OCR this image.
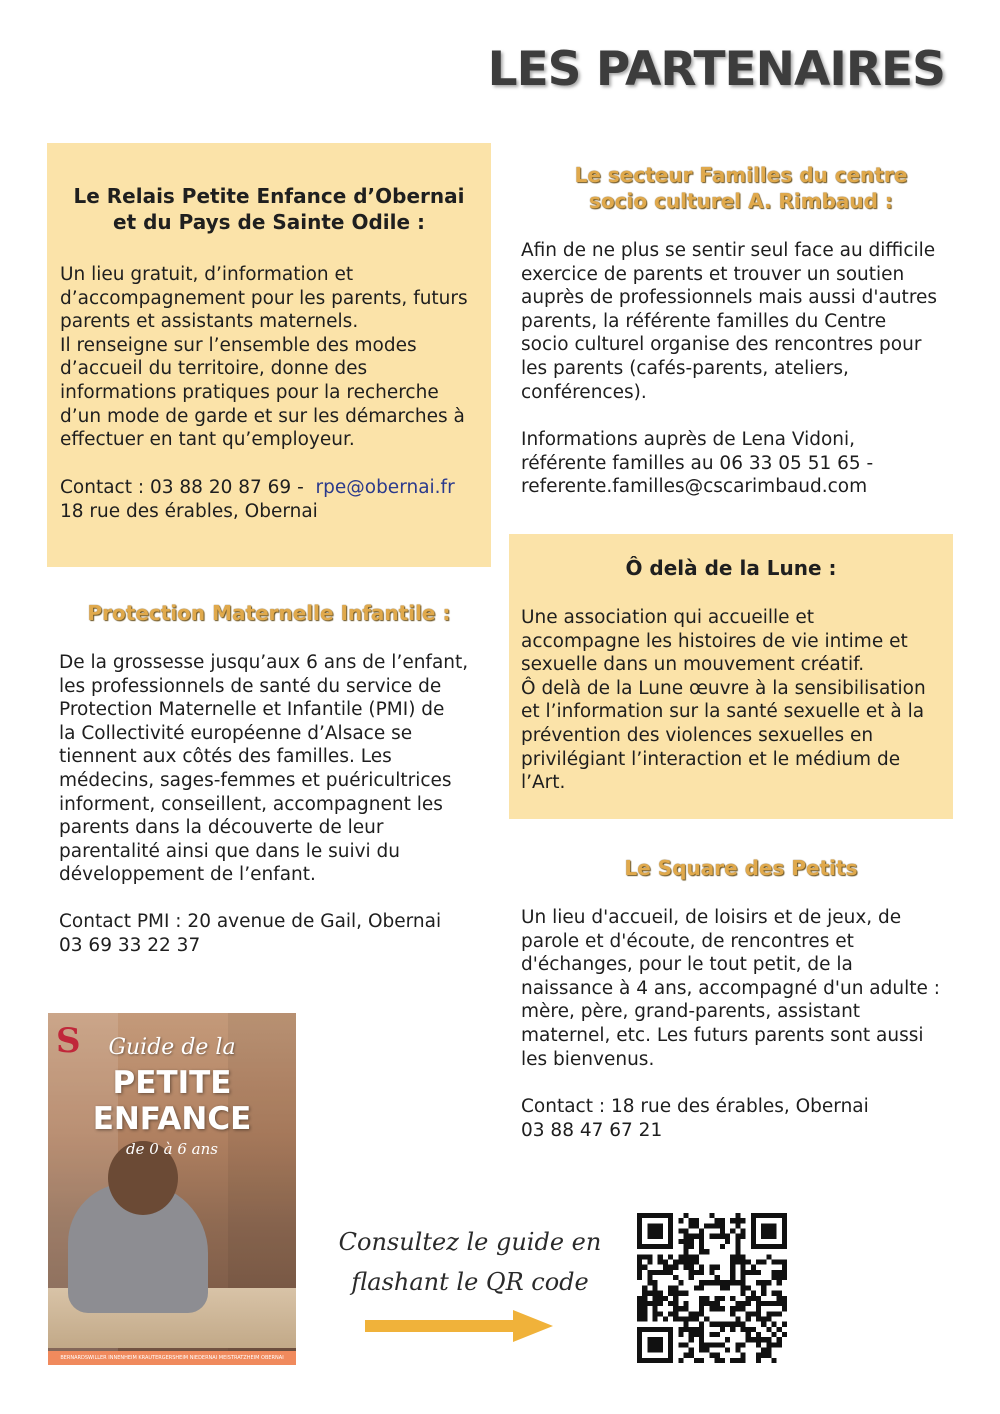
LES PARTENAIRES

Le Relais Petite Enfance d’Obernai
et du Pays de Sainte Odile :

Un lieu gratuit, d’information et
d’accompagnement pour les parents, futurs
parents et assistants maternels.
Il renseigne sur l’ensemble des modes
d’accueil du territoire, donne des
informations pratiques pour la recherche
d’un mode de garde et sur les démarches à
effectuer en tant qu’employeur.

Contact : 03 88 20 87 69 -  rpe@obernai.fr

18 rue des érables, Obernai

Le secteur Familles du centre
socio culturel A. Rimbaud :

Afin de ne plus se sentir seul face au difficile
exercice de parents et trouver un soutien
auprès de professionnels mais aussi d'autres
parents, la référente familles du Centre
socio culturel organise des rencontres pour
les parents (cafés-parents, ateliers,
conférences).

Informations auprès de Lena Vidoni,
référente familles au 06 33 05 51 65 -
referente.familles@cscarimbaud.com

Protection Maternelle Infantile :

De la grossesse jusqu’aux 6 ans de l’enfant,
les professionnels de santé du service de
Protection Maternelle et Infantile (PMI) de
la Collectivité européenne d’Alsace se
tiennent aux côtés des familles. Les
médecins, sages-femmes et puéricultrices
informent, conseillent, accompagnent les
parents dans la découverte de leur
parentalité ainsi que dans le suivi du
développement de l’enfant.

Contact PMI : 20 avenue de Gail, Obernai
03 69 33 22 37

Ô delà de la Lune :

Une association qui accueille et
accompagne les histoires de vie intime et
sexuelle dans un mouvement créatif.
Ô delà de la Lune œuvre à la sensibilisation
et l’information sur la santé sexuelle et à la
prévention des violences sexuelles en
privilégiant l’interaction et le médium de
l’Art.

Le Square des Petits

Un lieu d'accueil, de loisirs et de jeux, de
parole et d'écoute, de rencontres et
d'échanges, pour le tout petit, de la
naissance à 4 ans, accompagné d'un adulte :
mère, père, grand-parents, assistant
maternel, etc. Les futurs parents sont aussi
les bienvenus.

Contact : 18 rue des érables, Obernai
03 88 47 67 21

S	Guide de la
PETITE
ENFANCE
de 0 à 6 ans
BERNARDSWILLER INNENHEIM KRAUTERGERSHEIM NIEDERNAI MEISTRATZHEIM OBERNAI
Consultez le guide en
flashant le QR code
